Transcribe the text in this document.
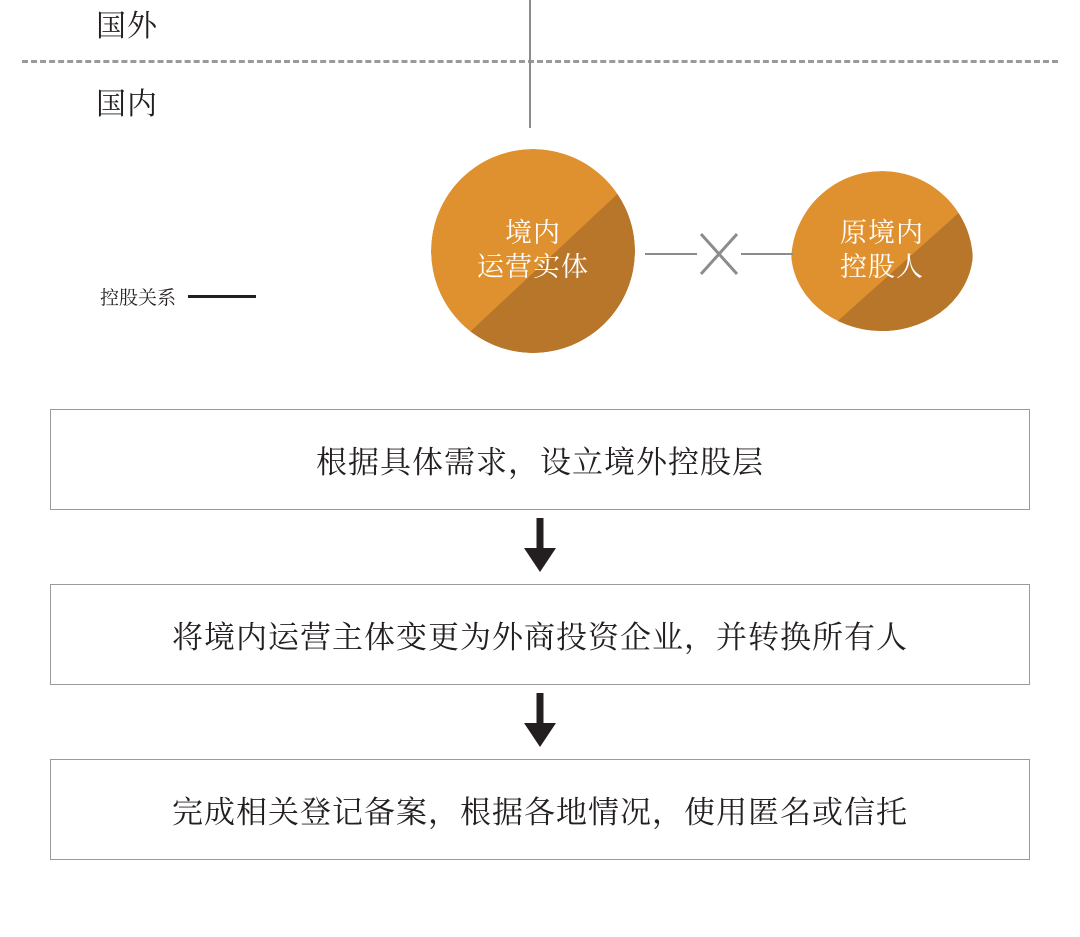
国外
国内
控股关系
境内
运营实体
原境内
控股人
根据具体需求，设立境外控股层
将境内运营主体变更为外商投资企业，并转换所有人
完成相关登记备案，根据各地情况，使用匿名或信托
